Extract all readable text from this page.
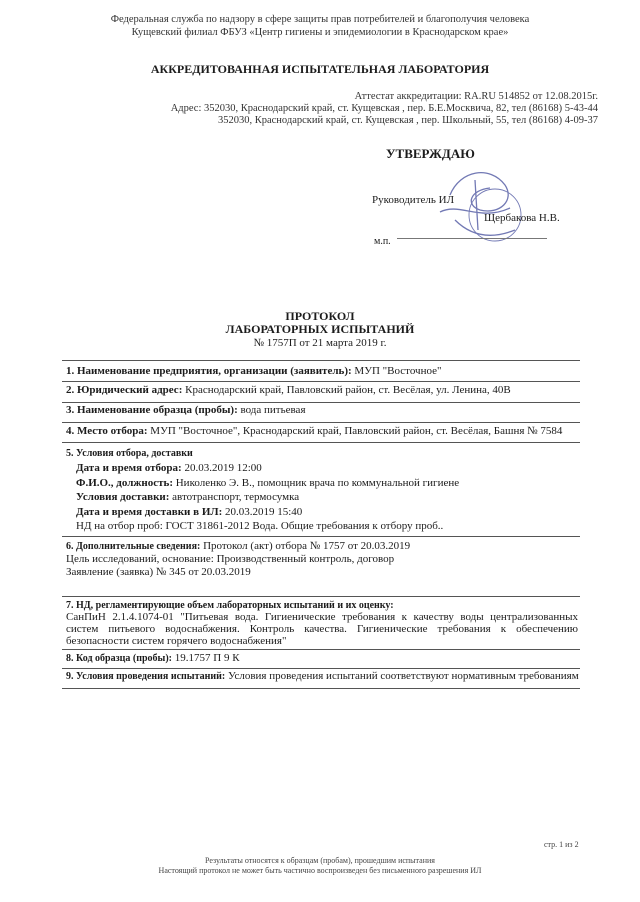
Федеральная служба по надзору в сфере защиты прав потребителей и благополучия человека
Кущевский филиал ФБУЗ «Центр гигиены и эпидемиологии в Краснодарском крае»
АККРЕДИТОВАННАЯ ИСПЫТАТЕЛЬНАЯ ЛАБОРАТОРИЯ
Аттестат аккредитации: RA.RU 514852 от 12.08.2015г.
Адрес: 352030, Краснодарский край, ст. Кущевская , пер. Б.Е.Москвича, 82, тел (86168) 5-43-44
352030, Краснодарский край, ст. Кущевская , пер. Школьный, 55, тел (86168) 4-09-37
УТВЕРЖДАЮ
Руководитель ИЛ
Щербакова Н.В.
м.п.
ПРОТОКОЛ
ЛАБОРАТОРНЫХ ИСПЫТАНИЙ
№ 1757П от 21 марта 2019 г.
1. Наименование предприятия, организации (заявитель): МУП "Восточное"
2. Юридический адрес: Краснодарский край, Павловский район, ст. Весёлая, ул. Ленина, 40В
3. Наименование образца (пробы): вода питьевая
4. Место отбора: МУП "Восточное", Краснодарский край, Павловский район, ст. Весёлая, Башня № 7584
5. Условия отбора, доставки
Дата и время отбора: 20.03.2019 12:00
Ф.И.О., должность: Николенко Э. В., помощник врача по коммунальной гигиене
Условия доставки: автотранспорт, термосумка
Дата и время доставки в ИЛ: 20.03.2019 15:40
НД на отбор проб: ГОСТ 31861-2012 Вода. Общие требования к отбору проб..
6. Дополнительные сведения: Протокол (акт) отбора № 1757 от 20.03.2019
Цель исследований, основание: Производственный контроль, договор
Заявление (заявка) № 345 от 20.03.2019
7. НД, регламентирующие объем лабораторных испытаний и их оценку:
СанПиН 2.1.4.1074-01 "Питьевая вода. Гигиенические требования к качеству воды централизованных систем питьевого водоснабжения. Контроль качества. Гигиенические требования к обеспечению безопасности систем горячего водоснабжения"
8. Код образца (пробы): 19.1757 П 9 К
9. Условия проведения испытаний: Условия проведения испытаний соответствуют нормативным требованиям
стр. 1 из 2
Результаты относятся к образцам (пробам), прошедшим испытания
Настоящий протокол не может быть частично воспроизведен без письменного разрешения ИЛ
